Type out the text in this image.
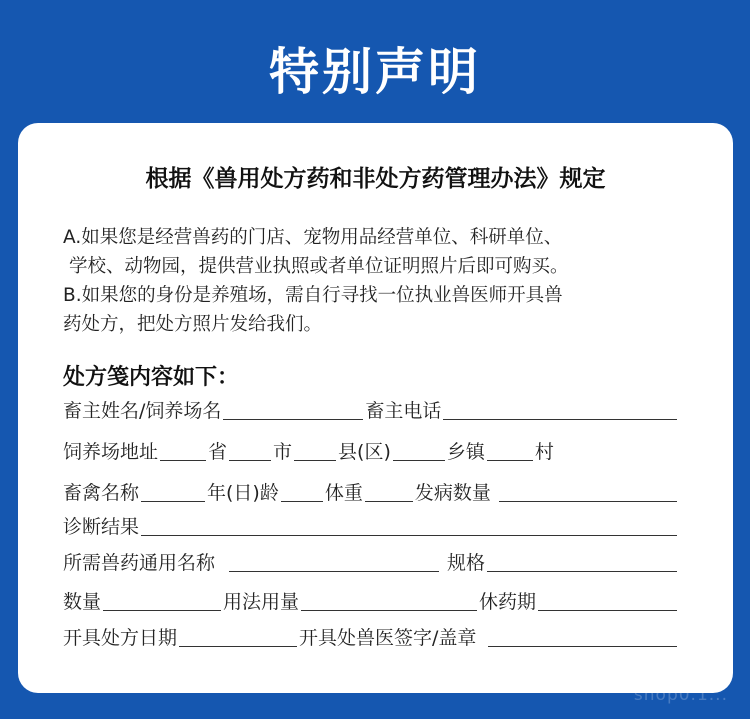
特别声明
根据《兽用处方药和非处方药管理办法》规定

A.如果您是经营兽药的门店、宠物用品经营单位、科研单位、

学校、动物园，提供营业执照或者单位证明照片后即可购买。

B.如果您的身份是养殖场，需自行寻找一位执业兽医师开具兽

药处方，把处方照片发给我们。

处方笺内容如下：
畜主姓名/饲养场名	畜主电话
饲养场地址	省 市 县(区)	乡镇	村
畜禽名称	年(日)龄 体重	发病数量
诊断结果
所需兽药通用名称	规格
数量	用法用量	休药期
开具处方日期	开具处兽医签字/盖章
shop0.1...
